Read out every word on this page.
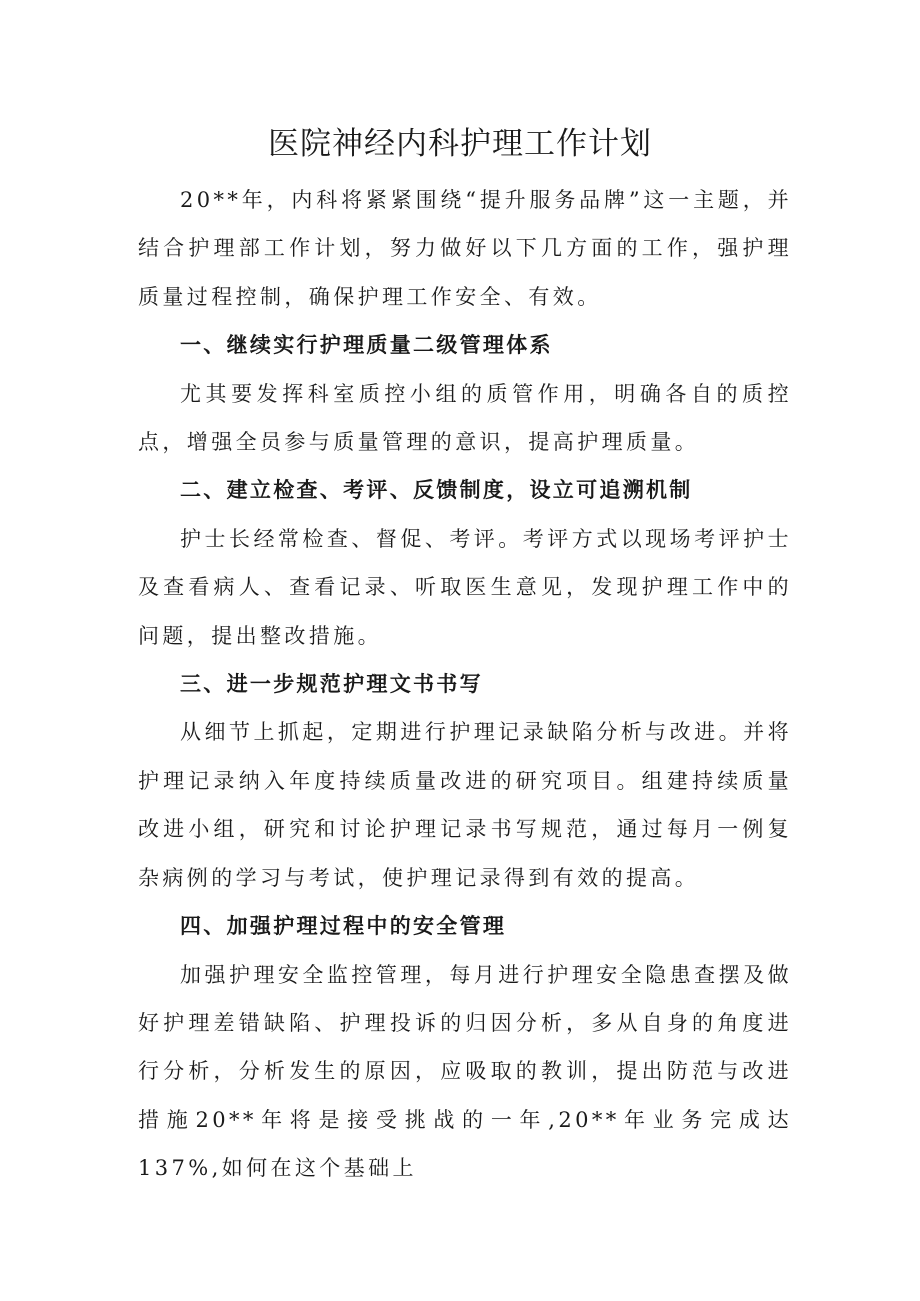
医院神经内科护理工作计划

20**年，内科将紧紧围绕“提升服务品牌”这一主题，并结合护理部工作计划，努力做好以下几方面的工作，强护理质量过程控制，确保护理工作安全、有效。

一、继续实行护理质量二级管理体系

尤其要发挥科室质控小组的质管作用，明确各自的质控点，增强全员参与质量管理的意识，提高护理质量。

二、建立检查、考评、反馈制度，设立可追溯机制

护士长经常检查、督促、考评。考评方式以现场考评护士及查看病人、查看记录、听取医生意见，发现护理工作中的问题，提出整改措施。

三、进一步规范护理文书书写

从细节上抓起，定期进行护理记录缺陷分析与改进。并将护理记录纳入年度持续质量改进的研究项目。组建持续质量改进小组，研究和讨论护理记录书写规范，通过每月一例复杂病例的学习与考试，使护理记录得到有效的提高。

四、加强护理过程中的安全管理

加强护理安全监控管理，每月进行护理安全隐患查摆及做好护理差错缺陷、护理投诉的归因分析，多从自身的角度进行分析，分析发生的原因，应吸取的教训，提出防范与改进措施20**年将是接受挑战的一年,20**年业务完成达137%,如何在这个基础上
